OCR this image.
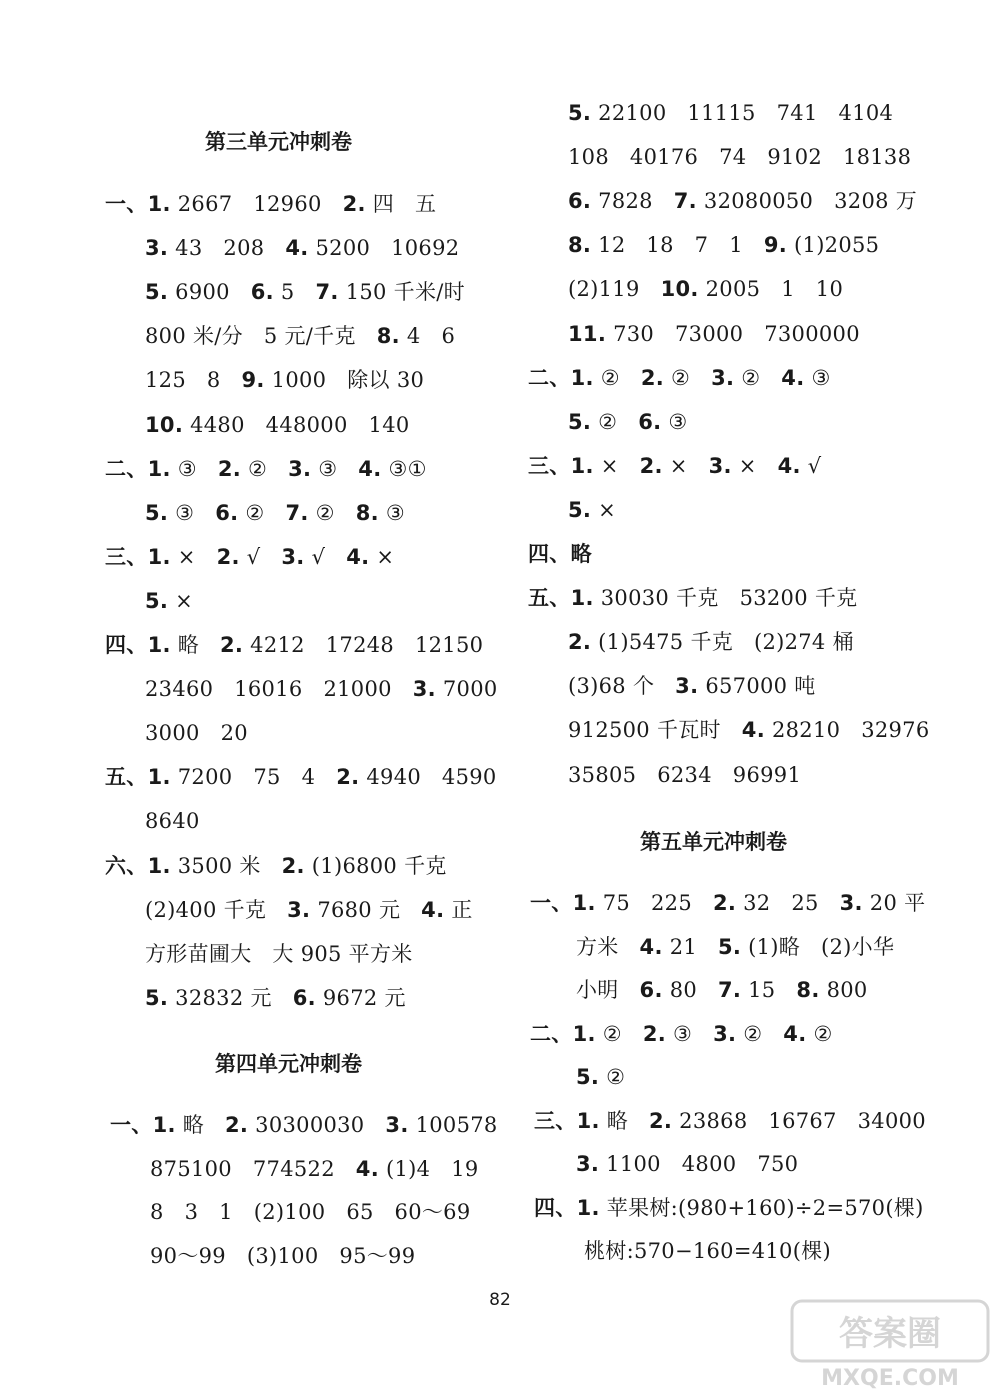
第三单元冲刺卷
一、1. 2667   12960   2. 四   五
3. 43   208   4. 5200   10692
5. 6900   6. 5   7. 150 千米/时
800 米/分   5 元/千克   8. 4   6
125   8   9. 1000   除以 30
10. 4480   448000   140
二、1. ③   2. ②   3. ③   4. ③①
5. ③   6. ②   7. ②   8. ③
三、1. ×   2. √   3. √   4. ×
5. ×
四、1. 略   2. 4212   17248   12150
23460   16016   21000   3. 7000
3000   20
五、1. 7200   75   4   2. 4940   4590
8640
六、1. 3500 米   2. (1)6800 千克
(2)400 千克   3. 7680 元   4. 正
方形苗圃大   大 905 平方米
5. 32832 元   6. 9672 元
第四单元冲刺卷
一、1. 略   2. 30300030   3. 100578
875100   774522   4. (1)4   19
8   3   1   (2)100   65   60～69
90～99   (3)100   95～99
5. 22100   11115   741   4104
108   40176   74   9102   18138
6. 7828   7. 32080050   3208 万
8. 12   18   7   1   9. (1)2055
(2)119   10. 2005   1   10
11. 730   73000   7300000
二、1. ②   2. ②   3. ②   4. ③
5. ②   6. ③
三、1. ×   2. ×   3. ×   4. √
5. ×
四、略
五、1. 30030 千克   53200 千克
2. (1)5475 千克   (2)274 桶
(3)68 个   3. 657000 吨
912500 千瓦时   4. 28210   32976
35805   6234   96991
第五单元冲刺卷
一、1. 75   225   2. 32   25   3. 20 平
方米   4. 21   5. (1)略   (2)小华
小明   6. 80   7. 15   8. 800
二、1. ②   2. ③   3. ②   4. ②
5. ②
三、1. 略   2. 23868   16767   34000
3. 1100   4800   750
四、1. 苹果树:(980+160)÷2=570(棵)
桃树:570−160=410(棵)
82
答案圈
MXQE.COM
